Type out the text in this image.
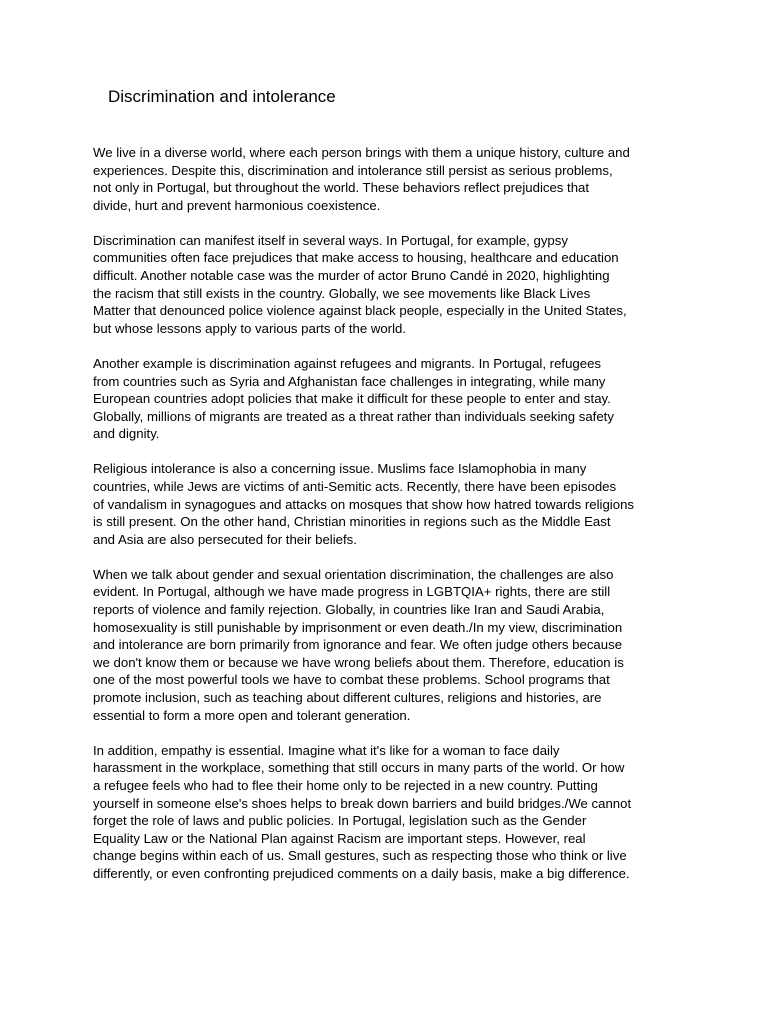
Discrimination and intolerance

We live in a diverse world, where each person brings with them a unique history, culture and
experiences. Despite this, discrimination and intolerance still persist as serious problems,
not only in Portugal, but throughout the world. These behaviors reflect prejudices that
divide, hurt and prevent harmonious coexistence.

Discrimination can manifest itself in several ways. In Portugal, for example, gypsy
communities often face prejudices that make access to housing, healthcare and education
difficult. Another notable case was the murder of actor Bruno Candé in 2020, highlighting
the racism that still exists in the country. Globally, we see movements like Black Lives
Matter that denounced police violence against black people, especially in the United States,
but whose lessons apply to various parts of the world.

Another example is discrimination against refugees and migrants. In Portugal, refugees
from countries such as Syria and Afghanistan face challenges in integrating, while many
European countries adopt policies that make it difficult for these people to enter and stay.
Globally, millions of migrants are treated as a threat rather than individuals seeking safety
and dignity.

Religious intolerance is also a concerning issue. Muslims face Islamophobia in many
countries, while Jews are victims of anti-Semitic acts. Recently, there have been episodes
of vandalism in synagogues and attacks on mosques that show how hatred towards religions
is still present. On the other hand, Christian minorities in regions such as the Middle East
and Asia are also persecuted for their beliefs.

When we talk about gender and sexual orientation discrimination, the challenges are also
evident. In Portugal, although we have made progress in LGBTQIA+ rights, there are still
reports of violence and family rejection. Globally, in countries like Iran and Saudi Arabia,
homosexuality is still punishable by imprisonment or even death./In my view, discrimination
and intolerance are born primarily from ignorance and fear. We often judge others because
we don't know them or because we have wrong beliefs about them. Therefore, education is
one of the most powerful tools we have to combat these problems. School programs that
promote inclusion, such as teaching about different cultures, religions and histories, are
essential to form a more open and tolerant generation.

In addition, empathy is essential. Imagine what it's like for a woman to face daily
harassment in the workplace, something that still occurs in many parts of the world. Or how
a refugee feels who had to flee their home only to be rejected in a new country. Putting
yourself in someone else's shoes helps to break down barriers and build bridges./We cannot
forget the role of laws and public policies. In Portugal, legislation such as the Gender
Equality Law or the National Plan against Racism are important steps. However, real
change begins within each of us. Small gestures, such as respecting those who think or live
differently, or even confronting prejudiced comments on a daily basis, make a big difference.
